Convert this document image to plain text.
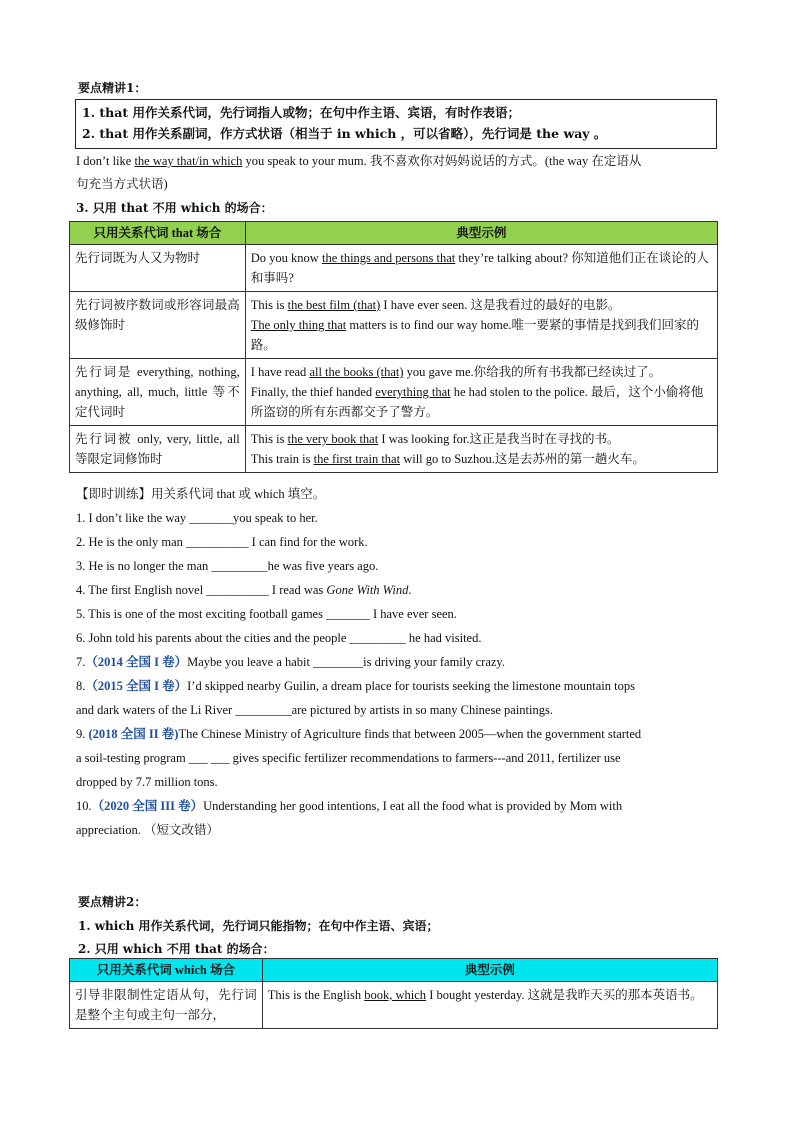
要点精讲1：

1. that 用作关系代词，先行词指人或物；在句中作主语、宾语，有时作表语；

2. that 用作关系副词，作方式状语（相当于 in which ，可以省略），先行词是 the way 。

I don’t like the way that/in which you speak to your mum. 我不喜欢你对妈妈说话的方式。(the way 在定语从
句充当方式状语)
3. 只用 that 不用 which 的场合：
只用关系代词 that 场合	典型示例
先行词既为人又为物时	Do you know the things and persons that they’re talking about? 你知道他们正在谈论的人和事吗?
先行词被序数词或形容词最高级修饰时	This is the best film (that) I have ever seen. 这是我看过的最好的电影。
The only thing that matters is to find our way home.唯一要紧的事情是找到我们回家的路。

先行词是 everything, nothing, anything, all, much, little 等不定代词时	I have read all the books (that) you gave me.你给我的所有书我都已经读过了。
Finally, the thief handed everything that he had stolen to the police. 最后，这个小偷将他所盗窃的所有东西都交予了警方。

先行词被 only, very, little, all 等限定词修饰时	This is the very book that I was looking for.这正是我当时在寻找的书。
This train is the first train that will go to Suzhou.这是去苏州的第一趟火车。
【即时训练】用关系代词 that 或 which 填空。
1. I don’t like the way _______you speak to her.
2. He is the only man __________ I can find for the work.
3. He is no longer the man _________he was five years ago.
4. The first English novel __________ I read was Gone With Wind.
5. This is one of the most exciting football games _______ I have ever seen.
6. John told his parents about the cities and the people _________ he had visited.
7.（2014 全国 I 卷）Maybe you leave a habit ________is driving your family crazy.
8.（2015 全国 I 卷）I’d skipped nearby Guilin, a dream place for tourists seeking the limestone mountain tops
and dark waters of the Li River _________are pictured by artists in so many Chinese paintings.
9. (2018 全国 II 卷)The Chinese Ministry of Agriculture finds that between 2005—when the government started
a soil-testing program ___ ___ gives specific fertilizer recommendations to farmers---and 2011, fertilizer use
dropped by 7.7 million tons.
10.（2020 全国 III 卷）Understanding her good intentions, I eat all the food what is provided by Mom with
appreciation. （短文改错）
要点精讲2：
1. which 用作关系代词，先行词只能指物；在句中作主语、宾语；
2. 只用 which 不用 that 的场合：
只用关系代词 which 场合	典型示例
引导非限制性定语从句，先行词是整个主句或主句一部分，	This is the English book, which I bought yesterday. 这就是我昨天买的那本英语书。
